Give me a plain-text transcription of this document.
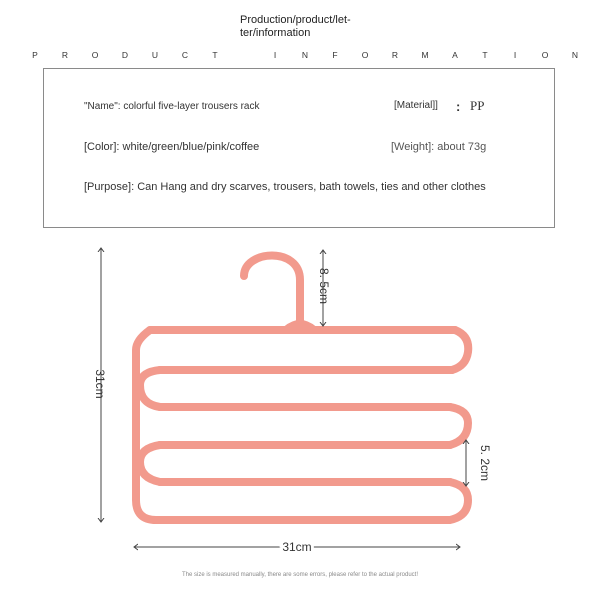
Production/product/let-ter/information
P	R	O	D	U	C	T	I	N	F	O	R	M	A	T	I	O	N
"Name": colorful five-layer trousers rack	[Material]] : PP
[Color]: white/green/blue/pink/coffee	[Weight]: about 73g
[Purpose]: Can Hang and dry scarves, trousers, bath towels, ties and other clothes
31cm
31cm
8. 5cm
5. 2cm
The size is measured manually, there are some errors, please refer to the actual product!
